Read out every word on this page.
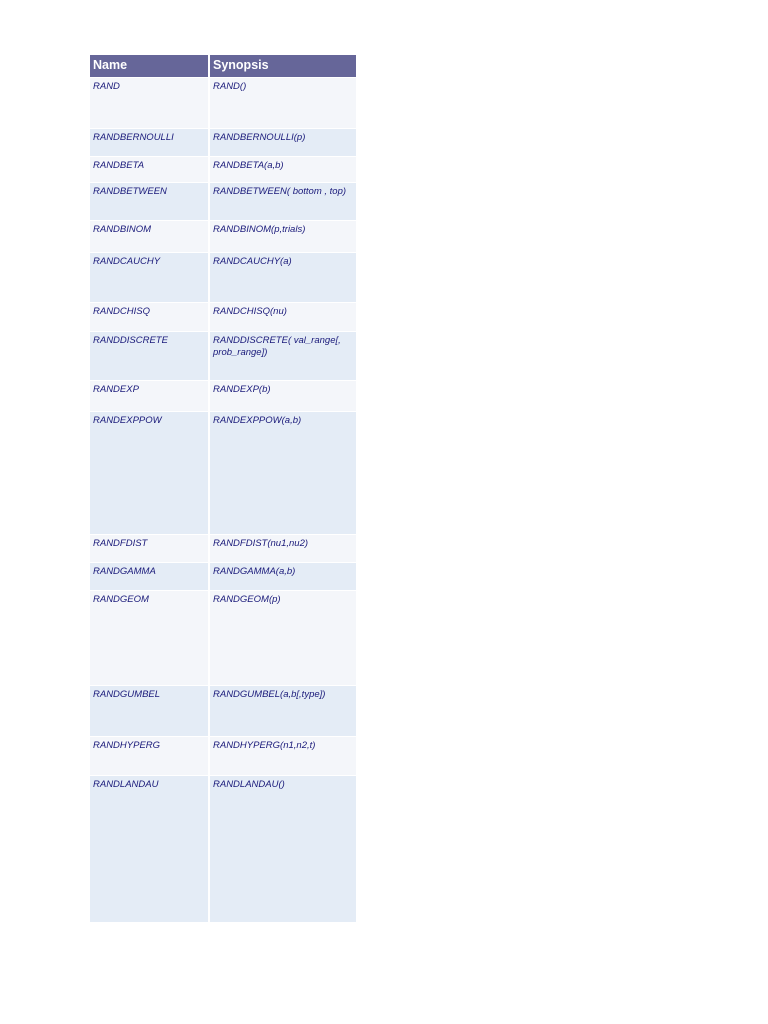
Name	Synopsis
RAND	RAND()
RANDBERNOULLI	RANDBERNOULLI(p)
RANDBETA	RANDBETA(a,b)
RANDBETWEEN	RANDBETWEEN( bottom , top)
RANDBINOM	RANDBINOM(p,trials)
RANDCAUCHY	RANDCAUCHY(a)
RANDCHISQ	RANDCHISQ(nu)
RANDDISCRETE	RANDDISCRETE( val_range[, prob_range])
RANDEXP	RANDEXP(b)
RANDEXPPOW	RANDEXPPOW(a,b)
RANDFDIST	RANDFDIST(nu1,nu2)
RANDGAMMA	RANDGAMMA(a,b)
RANDGEOM	RANDGEOM(p)
RANDGUMBEL	RANDGUMBEL(a,b[,type])
RANDHYPERG	RANDHYPERG(n1,n2,t)
RANDLANDAU	RANDLANDAU()
